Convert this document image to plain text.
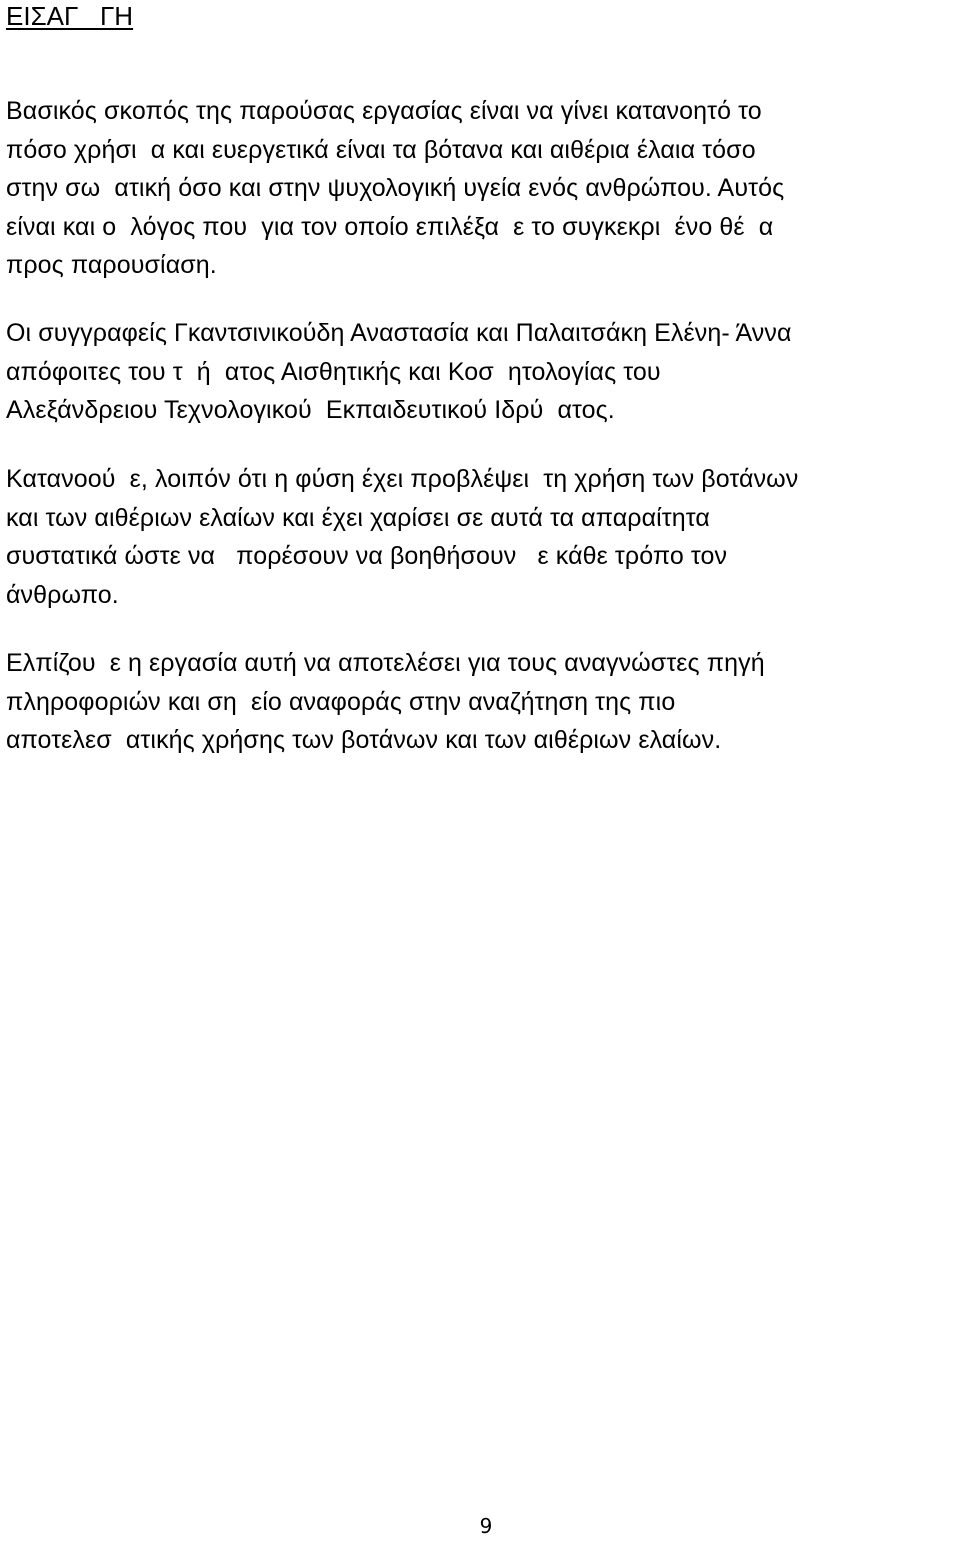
ΕΙΣΑΓ   ΓΗ
Βασικός σκοπός της παρούσας εργασίας είναι να γίνει κατανοητό το
πόσο χρήσι  α και ευεργετικά είναι τα βότανα και αιθέρια έλαια τόσο
στην σω  ατική όσο και στην ψυχολογική υγεία ενός ανθρώπου. Αυτός
είναι και ο  λόγος που  για τον οποίο επιλέξα  ε το συγκεκρι  ένο θέ  α
προς παρουσίαση.
Οι συγγραφείς Γκαντσινικούδη Αναστασία και Παλαιτσάκη Ελένη- Άννα
απόφοιτες του τ  ή  ατος Αισθητικής και Κοσ  ητολογίας του
Αλεξάνδρειου Τεχνολογικού  Εκπαιδευτικού Ιδρύ  ατος.
Κατανοού  ε, λοιπόν ότι η φύση έχει προβλέψει  τη χρήση των βοτάνων
και των αιθέριων ελαίων και έχει χαρίσει σε αυτά τα απαραίτητα
συστατικά ώστε να   πορέσουν να βοηθήσουν   ε κάθε τρόπο τον
άνθρωπο.
Ελπίζου  ε η εργασία αυτή να αποτελέσει για τους αναγνώστες πηγή
πληροφοριών και ση  είο αναφοράς στην αναζήτηση της πιο
αποτελεσ  ατικής χρήσης των βοτάνων και των αιθέριων ελαίων.
9
